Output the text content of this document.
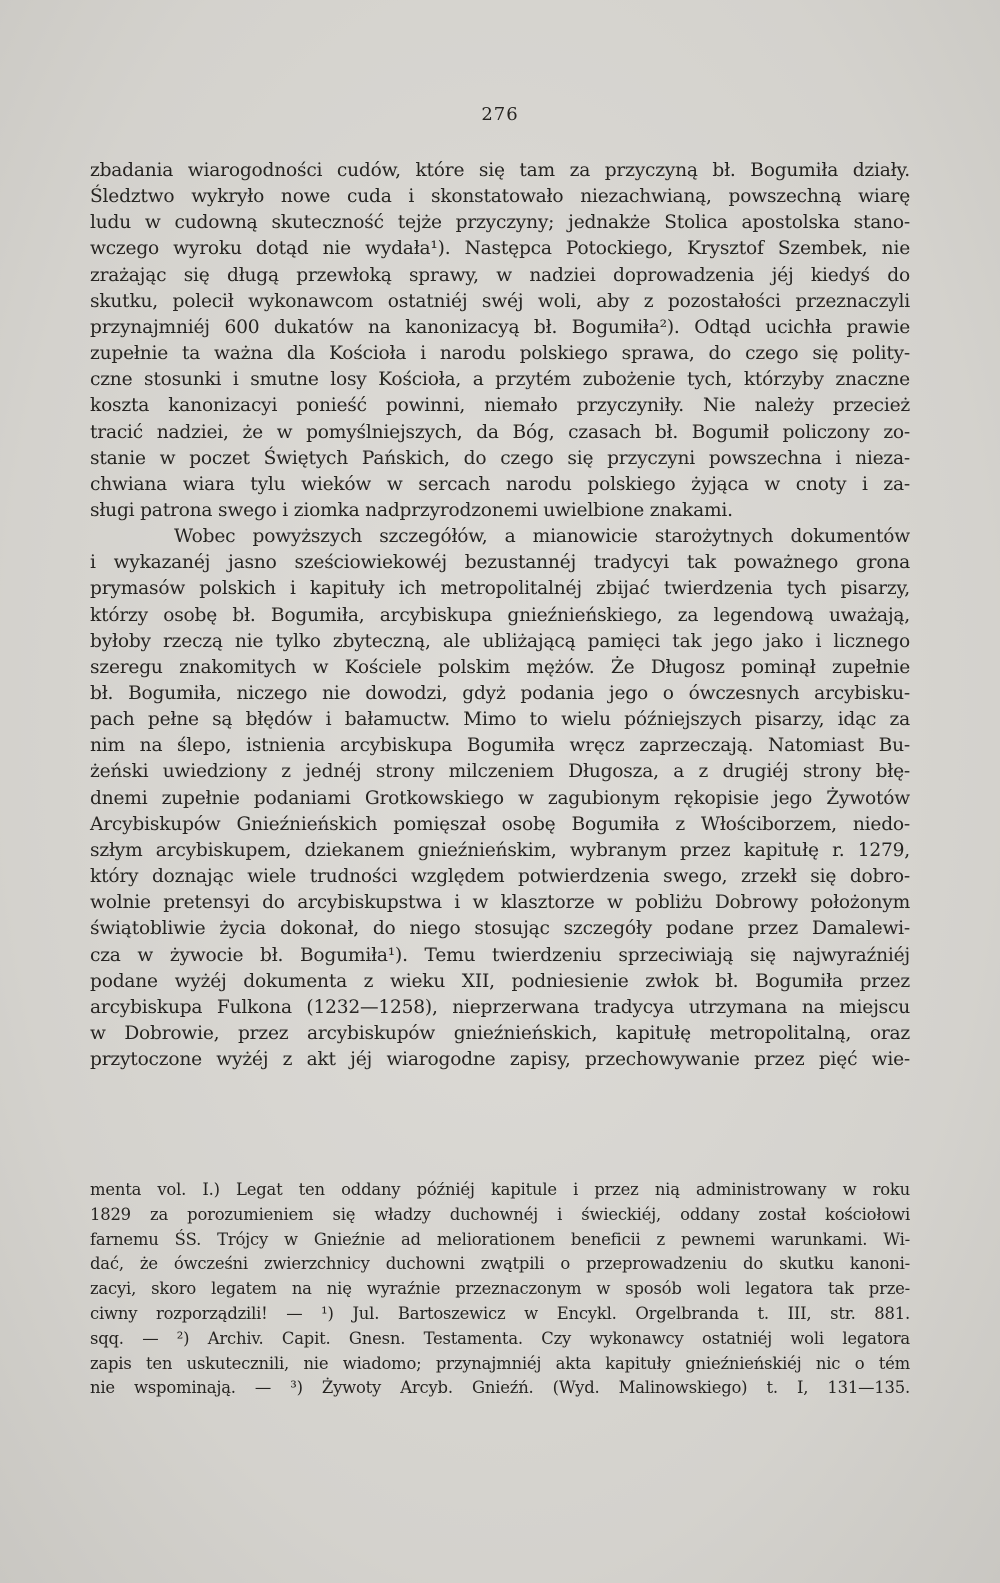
276
zbadania wiarogodności cudów, które się tam za przyczyną bł. Bogumiła działy.
Śledztwo wykryło nowe cuda i skonstatowało niezachwianą, powszechną wiarę
ludu w cudowną skuteczność tejże przyczyny; jednakże Stolica apostolska stano-
wczego wyroku dotąd nie wydała¹). Następca Potockiego, Krysztof Szembek, nie
zrażając się długą przewłoką sprawy, w nadziei doprowadzenia jéj kiedyś do
skutku, polecił wykonawcom ostatniéj swéj woli, aby z pozostałości przeznaczyli
przynajmniéj 600 dukatów na kanonizacyą bł. Bogumiła²). Odtąd ucichła prawie
zupełnie ta ważna dla Kościoła i narodu polskiego sprawa, do czego się polity-
czne stosunki i smutne losy Kościoła, a przytém zubożenie tych, którzyby znaczne
koszta kanonizacyi ponieść powinni, niemało przyczyniły. Nie należy przecież
tracić nadziei, że w pomyślniejszych, da Bóg, czasach bł. Bogumił policzony zo-
stanie w poczet Świętych Pańskich, do czego się przyczyni powszechna i nieza-
chwiana wiara tylu wieków w sercach narodu polskiego żyjąca w cnoty i za-
sługi patrona swego i ziomka nadprzyrodzonemi uwielbione znakami.
Wobec powyższych szczegółów, a mianowicie starożytnych dokumentów
i wykazanéj jasno sześciowiekowéj bezustannéj tradycyi tak poważnego grona
prymasów polskich i kapituły ich metropolitalnéj zbijać twierdzenia tych pisarzy,
którzy osobę bł. Bogumiła, arcybiskupa gnieźnieńskiego, za legendową uważają,
byłoby rzeczą nie tylko zbyteczną, ale ubliżającą pamięci tak jego jako i licznego
szeregu znakomitych w Kościele polskim mężów. Że Długosz pominął zupełnie
bł. Bogumiła, niczego nie dowodzi, gdyż podania jego o ówczesnych arcybisku-
pach pełne są błędów i bałamuctw. Mimo to wielu późniejszych pisarzy, idąc za
nim na ślepo, istnienia arcybiskupa Bogumiła wręcz zaprzeczają. Natomiast Bu-
żeński uwiedziony z jednéj strony milczeniem Długosza, a z drugiéj strony błę-
dnemi zupełnie podaniami Grotkowskiego w zagubionym rękopisie jego Żywotów
Arcybiskupów Gnieźnieńskich pomięszał osobę Bogumiła z Włościborzem, niedo-
szłym arcybiskupem, dziekanem gnieźnieńskim, wybranym przez kapitułę r. 1279,
który doznając wiele trudności względem potwierdzenia swego, zrzekł się dobro-
wolnie pretensyi do arcybiskupstwa i w klasztorze w pobliżu Dobrowy położonym
świątobliwie życia dokonał, do niego stosując szczegóły podane przez Damalewi-
cza w żywocie bł. Bogumiła¹). Temu twierdzeniu sprzeciwiają się najwyraźniéj
podane wyżéj dokumenta z wieku XII, podniesienie zwłok bł. Bogumiła przez
arcybiskupa Fulkona (1232—1258), nieprzerwana tradycya utrzymana na miejscu
w Dobrowie, przez arcybiskupów gnieźnieńskich, kapitułę metropolitalną, oraz
przytoczone wyżéj z akt jéj wiarogodne zapisy, przechowywanie przez pięć wie-
menta vol. I.) Legat ten oddany późniéj kapitule i przez nią administrowany w roku
1829 za porozumieniem się władzy duchownéj i świeckiéj, oddany został kościołowi
farnemu ŚS. Trójcy w Gnieźnie ad meliorationem beneficii z pewnemi warunkami. Wi-
dać, że ówcześni zwierzchnicy duchowni zwątpili o przeprowadzeniu do skutku kanoni-
zacyi, skoro legatem na nię wyraźnie przeznaczonym w sposób woli legatora tak prze-
ciwny rozporządzili! — ¹) Jul. Bartoszewicz w Encykl. Orgelbranda t. III, str. 881.
sqq. — ²) Archiv. Capit. Gnesn. Testamenta. Czy wykonawcy ostatniéj woli legatora
zapis ten uskutecznili, nie wiadomo; przynajmniéj akta kapituły gnieźnieńskiéj nic o tém
nie wspominają. — ³) Żywoty Arcyb. Gnieźń. (Wyd. Malinowskiego) t. I, 131—135.
